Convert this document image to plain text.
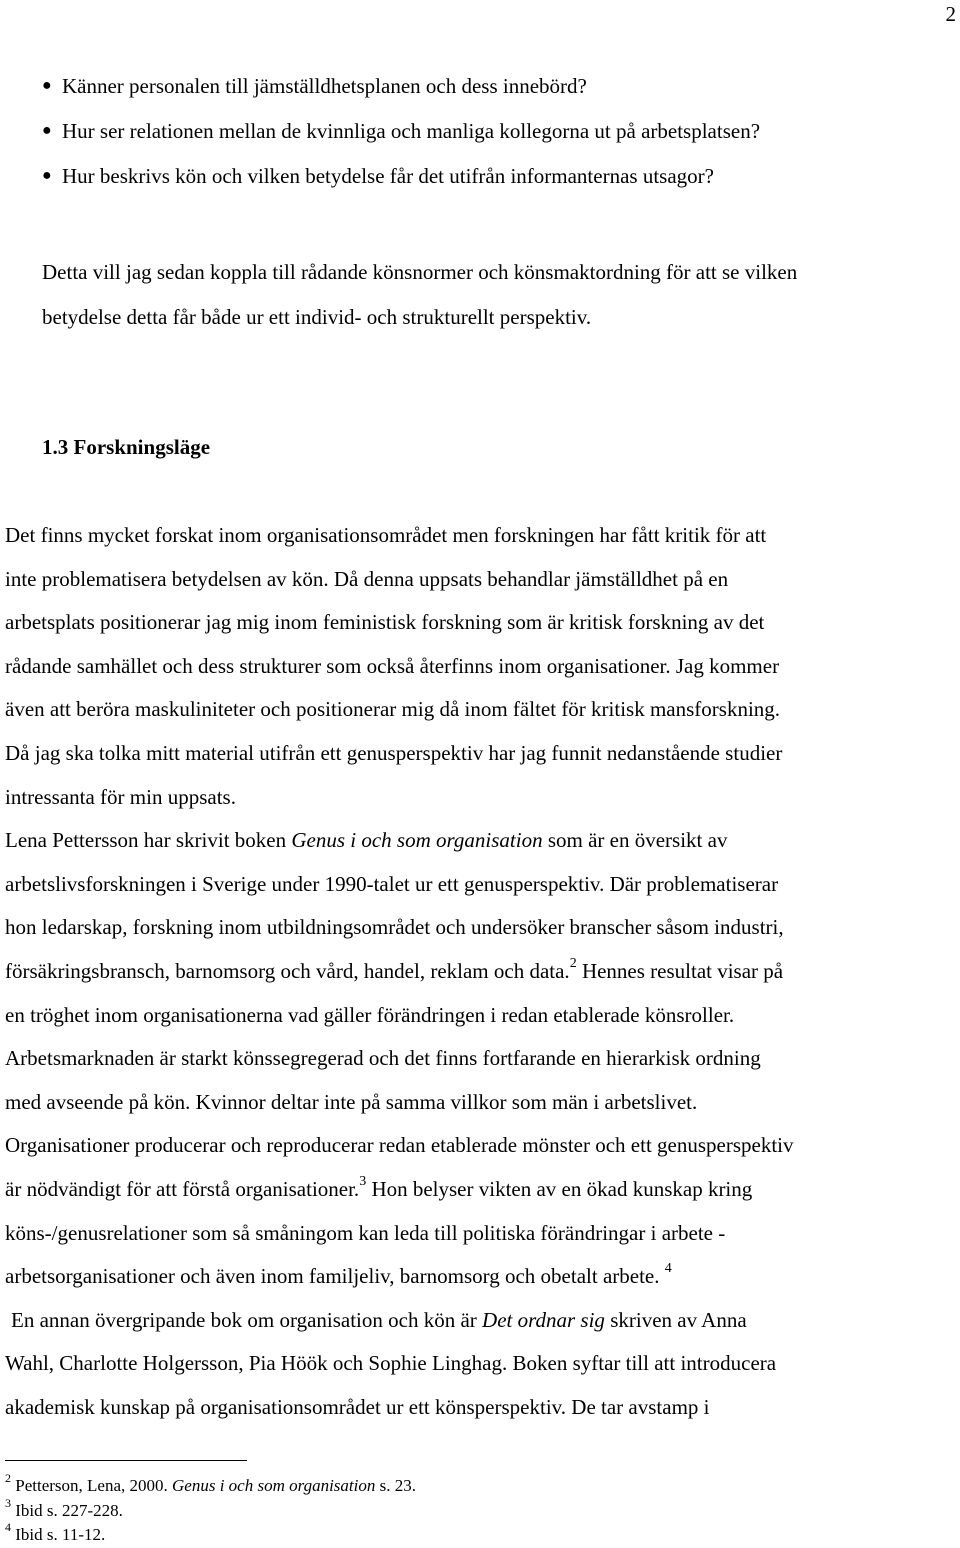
2
● Känner personalen till jämställdhetsplanen och dess innebörd?
● Hur ser relationen mellan de kvinnliga och manliga kollegorna ut på arbetsplatsen?
● Hur beskrivs kön och vilken betydelse får det utifrån informanternas utsagor?
Detta vill jag sedan koppla till rådande könsnormer och könsmaktordning för att se vilken
betydelse detta får både ur ett individ- och strukturellt perspektiv.
1.3 Forskningsläge
Det finns mycket forskat inom organisationsområdet men forskningen har fått kritik för att
inte problematisera betydelsen av kön. Då denna uppsats behandlar jämställdhet på en
arbetsplats positionerar jag mig inom feministisk forskning som är kritisk forskning av det
rådande samhället och dess strukturer som också återfinns inom organisationer. Jag kommer
även att beröra maskuliniteter och positionerar mig då inom fältet för kritisk mansforskning.
Då jag ska tolka mitt material utifrån ett genusperspektiv har jag funnit nedanstående studier
intressanta för min uppsats.
Lena Pettersson har skrivit boken Genus i och som organisation som är en översikt av
arbetslivsforskningen i Sverige under 1990-talet ur ett genusperspektiv. Där problematiserar
hon ledarskap, forskning inom utbildningsområdet och undersöker branscher såsom industri,
försäkringsbransch, barnomsorg och vård, handel, reklam och data.$^2$ Hennes resultat visar på
en tröghet inom organisationerna vad gäller förändringen i redan etablerade könsroller.
Arbetsmarknaden är starkt könssegregerad och det finns fortfarande en hierarkisk ordning
med avseende på kön. Kvinnor deltar inte på samma villkor som män i arbetslivet.
Organisationer producerar och reproducerar redan etablerade mönster och ett genusperspektiv
är nödvändigt för att förstå organisationer.$^3$ Hon belyser vikten av en ökad kunskap kring
köns-/genusrelationer som så småningom kan leda till politiska förändringar i arbete -
arbetsorganisationer och även inom familjeliv, barnomsorg och obetalt arbete. $^4$
En annan övergripande bok om organisation och kön är Det ordnar sig skriven av Anna
Wahl, Charlotte Holgersson, Pia Höök och Sophie Linghag. Boken syftar till att introducera
akademisk kunskap på organisationsområdet ur ett könsperspektiv. De tar avstamp i
$^2$ Petterson, Lena, 2000. Genus i och som organisation s. 23.
$^3$ Ibid s. 227-228.
$^4$ Ibid s. 11-12.
